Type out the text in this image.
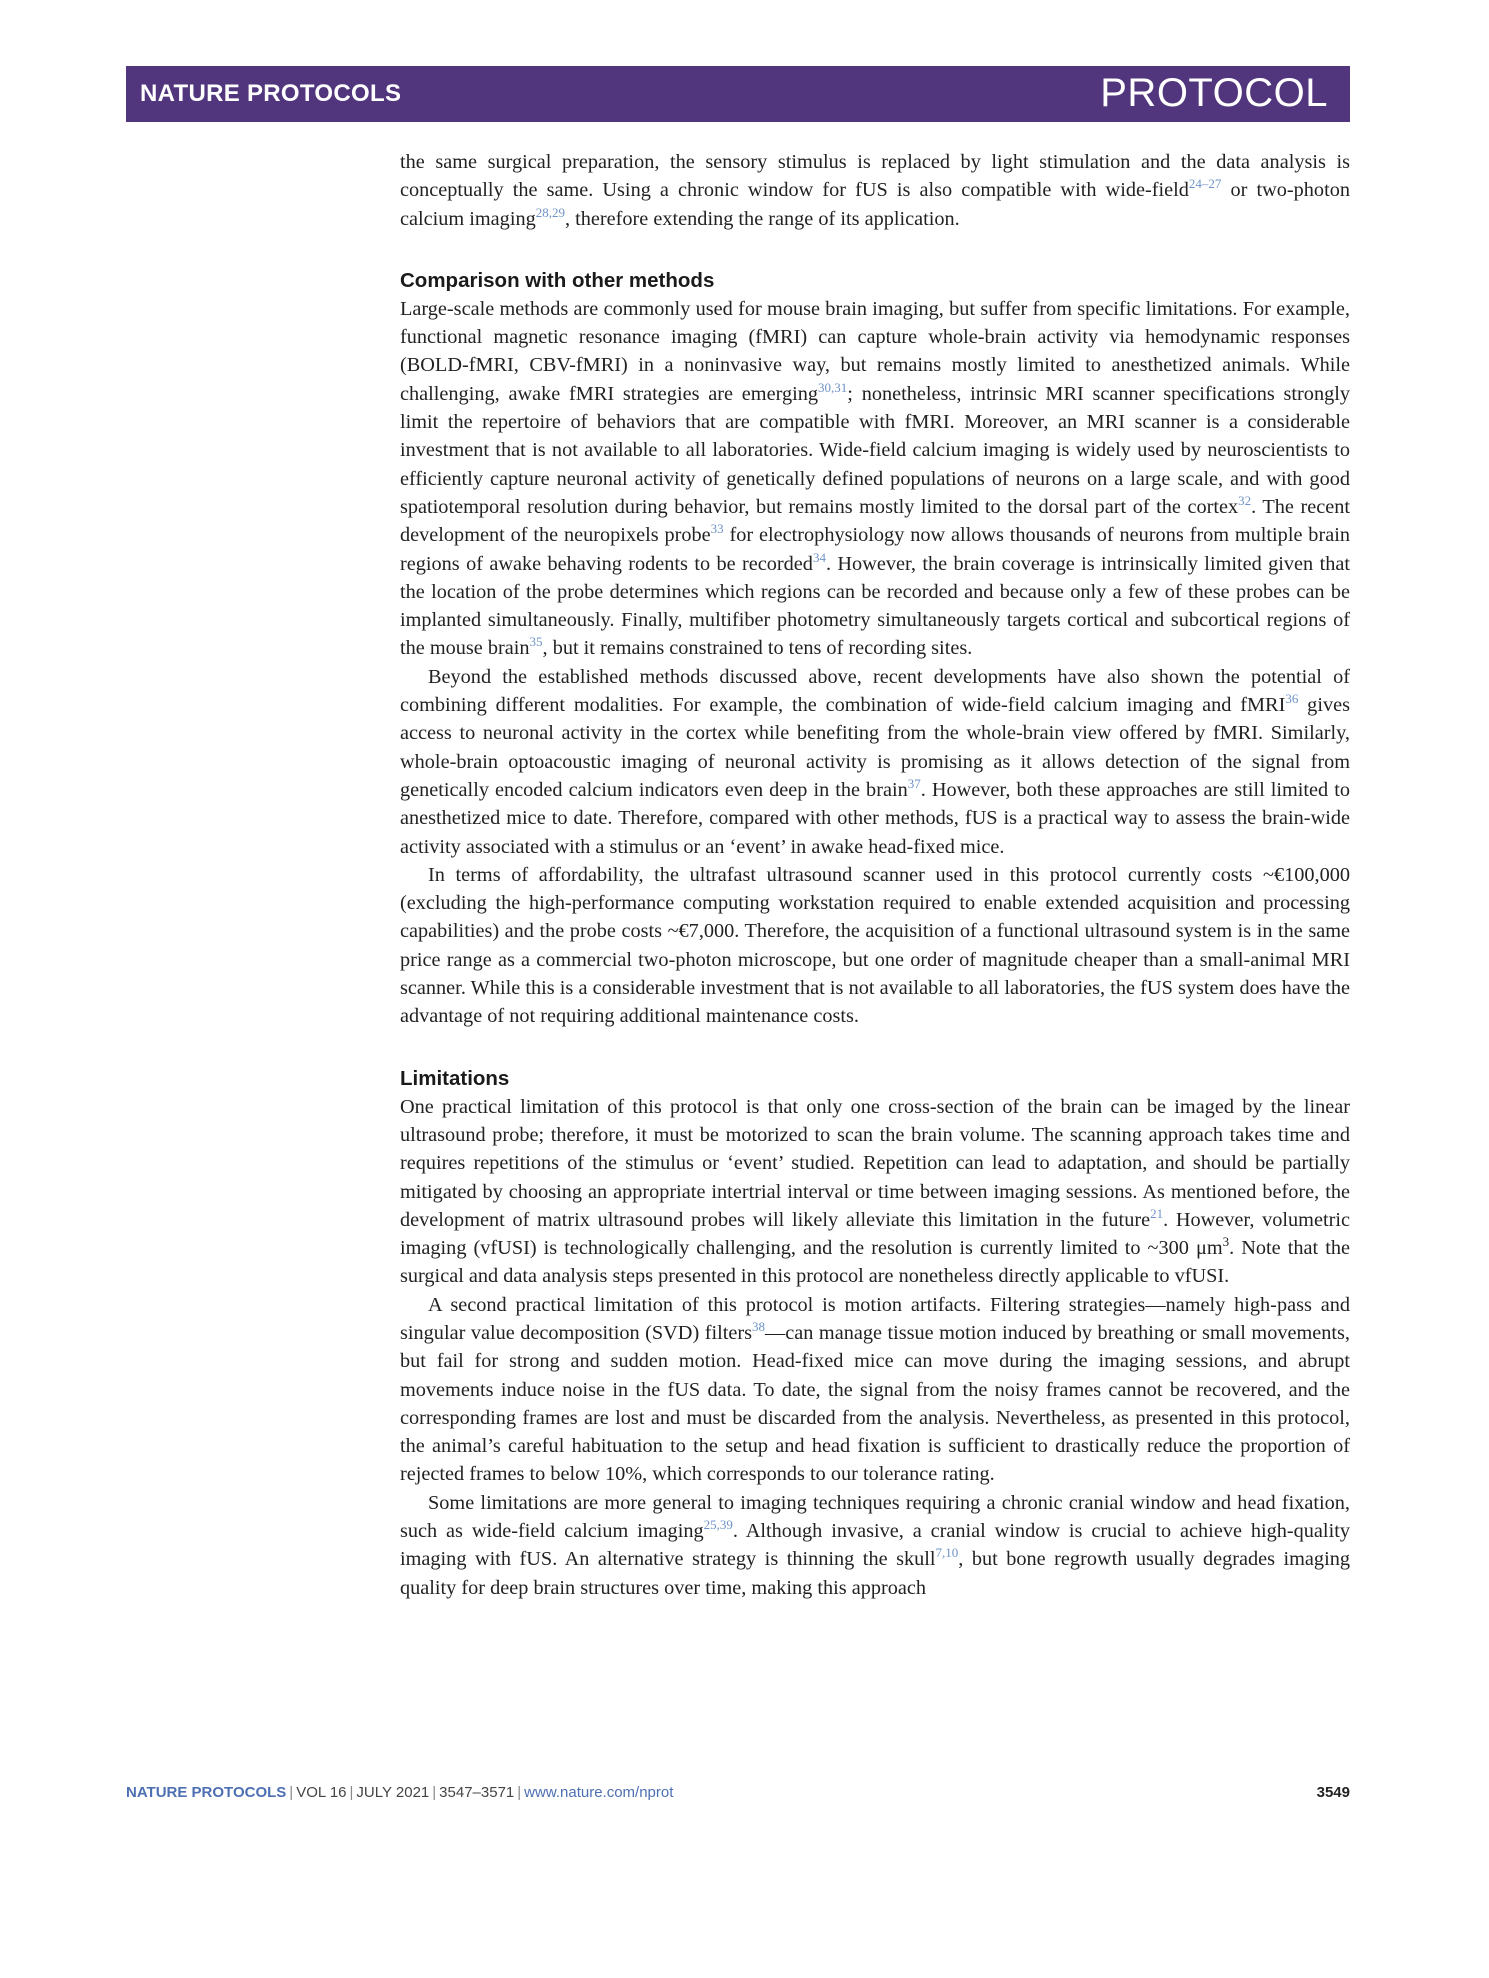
NATURE PROTOCOLS	PROTOCOL

the same surgical preparation, the sensory stimulus is replaced by light stimulation and the data analysis is conceptually the same. Using a chronic window for fUS is also compatible with wide-field$^{24-27}$ or two-photon calcium imaging$^{28,29}$, therefore extending the range of its application.

Comparison with other methods

Large-scale methods are commonly used for mouse brain imaging, but suffer from specific limitations. For example, functional magnetic resonance imaging (fMRI) can capture whole-brain activity via hemodynamic responses (BOLD-fMRI, CBV-fMRI) in a noninvasive way, but remains mostly limited to anesthetized animals. While challenging, awake fMRI strategies are emerging$^{30,31}$; nonetheless, intrinsic MRI scanner specifications strongly limit the repertoire of behaviors that are compatible with fMRI. Moreover, an MRI scanner is a considerable investment that is not available to all laboratories. Wide-field calcium imaging is widely used by neuroscientists to efficiently capture neuronal activity of genetically defined populations of neurons on a large scale, and with good spatiotemporal resolution during behavior, but remains mostly limited to the dorsal part of the cortex$^{32}$. The recent development of the neuropixels probe$^{33}$ for electrophysiology now allows thousands of neurons from multiple brain regions of awake behaving rodents to be recorded$^{34}$. However, the brain coverage is intrinsically limited given that the location of the probe determines which regions can be recorded and because only a few of these probes can be implanted simultaneously. Finally, multifiber photometry simultaneously targets cortical and subcortical regions of the mouse brain$^{35}$, but it remains constrained to tens of recording sites.

Beyond the established methods discussed above, recent developments have also shown the potential of combining different modalities. For example, the combination of wide-field calcium imaging and fMRI$^{36}$ gives access to neuronal activity in the cortex while benefiting from the whole-brain view offered by fMRI. Similarly, whole-brain optoacoustic imaging of neuronal activity is promising as it allows detection of the signal from genetically encoded calcium indicators even deep in the brain$^{37}$. However, both these approaches are still limited to anesthetized mice to date. Therefore, compared with other methods, fUS is a practical way to assess the brain-wide activity associated with a stimulus or an ‘event’ in awake head-fixed mice.

In terms of affordability, the ultrafast ultrasound scanner used in this protocol currently costs ~€100,000 (excluding the high-performance computing workstation required to enable extended acquisition and processing capabilities) and the probe costs ~€7,000. Therefore, the acquisition of a functional ultrasound system is in the same price range as a commercial two-photon microscope, but one order of magnitude cheaper than a small-animal MRI scanner. While this is a considerable investment that is not available to all laboratories, the fUS system does have the advantage of not requiring additional maintenance costs.

Limitations

One practical limitation of this protocol is that only one cross-section of the brain can be imaged by the linear ultrasound probe; therefore, it must be motorized to scan the brain volume. The scanning approach takes time and requires repetitions of the stimulus or ‘event’ studied. Repetition can lead to adaptation, and should be partially mitigated by choosing an appropriate intertrial interval or time between imaging sessions. As mentioned before, the development of matrix ultrasound probes will likely alleviate this limitation in the future$^{21}$. However, volumetric imaging (vfUSI) is technologically challenging, and the resolution is currently limited to ~300 $\mu m^3$. Note that the surgical and data analysis steps presented in this protocol are nonetheless directly applicable to vfUSI.

A second practical limitation of this protocol is motion artifacts. Filtering strategies—namely high-pass and singular value decomposition (SVD) filters$^{38}$—can manage tissue motion induced by breathing or small movements, but fail for strong and sudden motion. Head-fixed mice can move during the imaging sessions, and abrupt movements induce noise in the fUS data. To date, the signal from the noisy frames cannot be recovered, and the corresponding frames are lost and must be discarded from the analysis. Nevertheless, as presented in this protocol, the animal’s careful habituation to the setup and head fixation is sufficient to drastically reduce the proportion of rejected frames to below 10%, which corresponds to our tolerance rating.

Some limitations are more general to imaging techniques requiring a chronic cranial window and head fixation, such as wide-field calcium imaging$^{25,39}$. Although invasive, a cranial window is crucial to achieve high-quality imaging with fUS. An alternative strategy is thinning the skull$^{7,10}$, but bone regrowth usually degrades imaging quality for deep brain structures over time, making this approach

NATURE PROTOCOLS | VOL 16 | JULY 2021 | 3547–3571 | www.nature.com/nprot	3549
